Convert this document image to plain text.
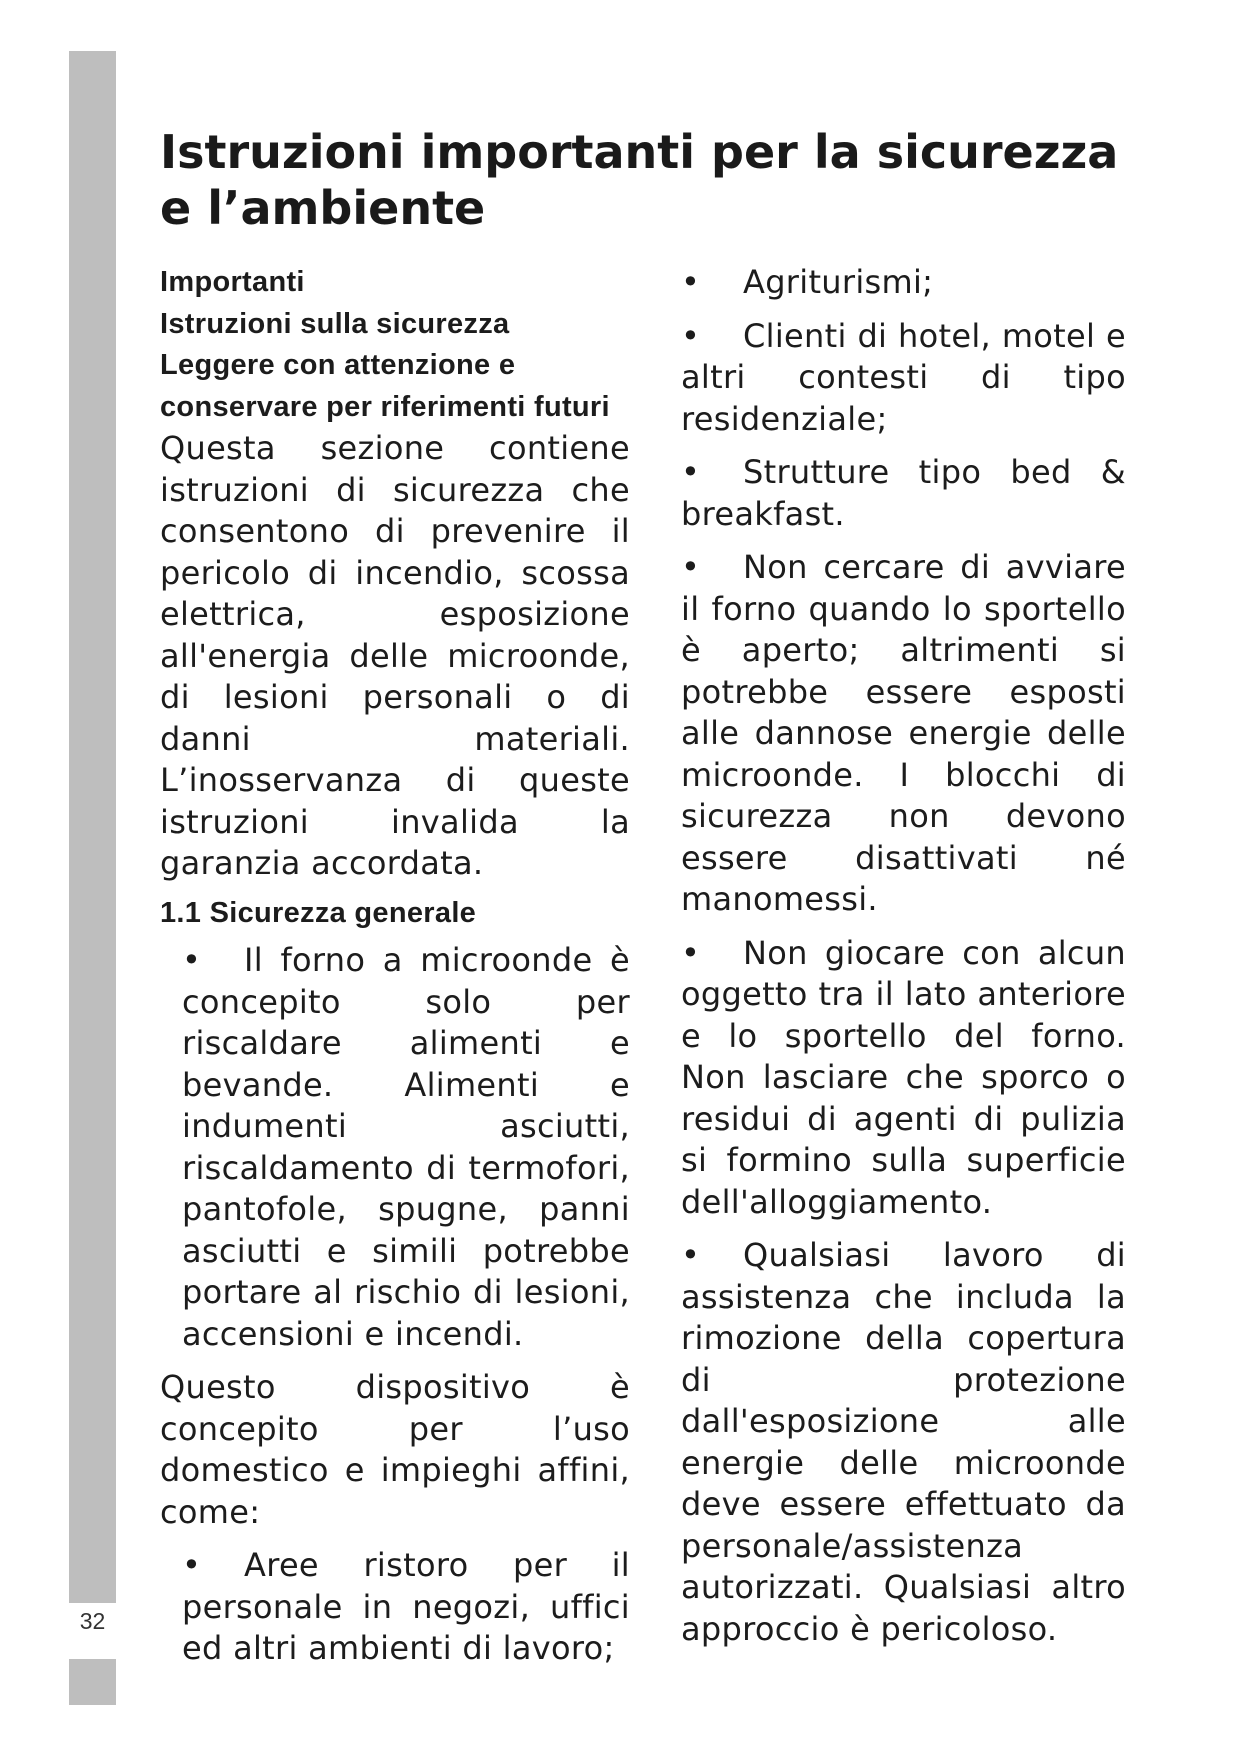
32
Istruzioni importanti per la sicurezza e l’ambiente
Importanti
Istruzioni sulla sicurezza
Leggere con attenzione e conservare per riferimenti futuri

Questa sezione contiene istruzioni di sicurezza che consentono di prevenire il pericolo di incendio, scossa elettrica, esposizione all'energia delle microonde, di lesioni personali o di danni materiali. L’inosservanza di queste istruzioni invalida la garanzia accordata.

1.1 Sicurezza generale
• Il forno a microonde è concepito solo per riscaldare alimenti e bevande. Alimenti e indumenti asciutti, riscaldamento di termofori, pantofole, spugne, panni asciutti e simili potrebbe portare al rischio di lesioni, accensioni e incendi.

Questo dispositivo è concepito per l’uso domestico e impieghi affini, come:

• Aree ristoro per il personale in negozi, uffici ed altri ambienti di lavoro;
• Agriturismi;
• Clienti di hotel, motel e altri contesti di tipo residenziale;
• Strutture tipo bed & breakfast.
• Non cercare di avviare il forno quando lo sportello è aperto; altrimenti si potrebbe essere esposti alle dannose energie delle microonde. I blocchi di sicurezza non devono essere disattivati né manomessi.
• Non giocare con alcun oggetto tra il lato anteriore e lo sportello del forno. Non lasciare che sporco o residui di agenti di pulizia si formino sulla superficie dell'alloggiamento.
• Qualsiasi lavoro di assistenza che includa la rimozione della copertura di protezione dall'esposizione alle energie delle microonde deve essere effettuato da personale/assistenza autorizzati. Qualsiasi altro approccio è pericoloso.
